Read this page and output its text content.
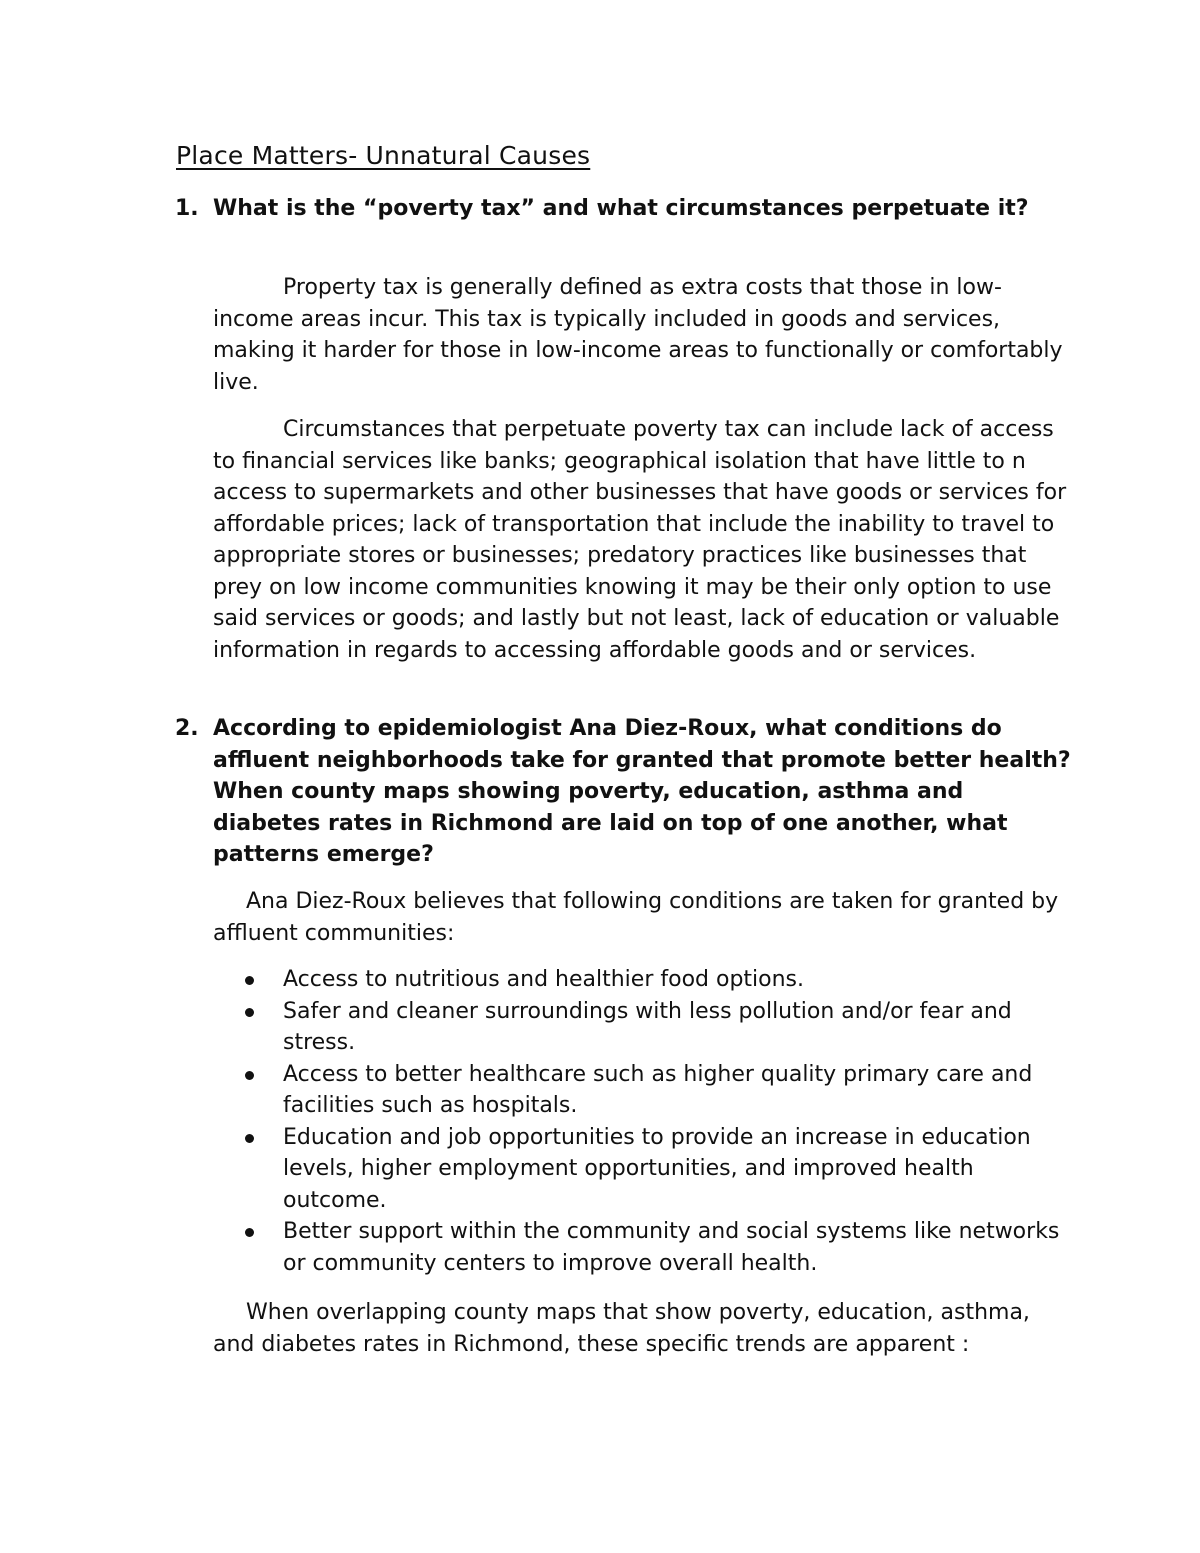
Place Matters- Unnatural Causes
1. What is the “poverty tax” and what circumstances perpetuate it?

Property tax is generally defined as extra costs that those in low-income areas incur. This tax is typically included in goods and services, making it harder for those in low-income areas to functionally or comfortably live.

Circumstances that perpetuate poverty tax can include lack of access to financial services like banks; geographical isolation that have little to n access to supermarkets and other businesses that have goods or services for affordable prices; lack of transportation that include the inability to travel to appropriate stores or businesses; predatory practices like businesses that prey on low income communities knowing it may be their only option to use said services or goods; and lastly but not least, lack of education or valuable information in regards to accessing affordable goods and or services.

2. According to epidemiologist Ana Diez-Roux, what conditions do affluent neighborhoods take for granted that promote better health? When county maps showing poverty, education, asthma and diabetes rates in Richmond are laid on top of one another, what patterns emerge?

Ana Diez-Roux believes that following conditions are taken for granted by affluent communities:

Access to nutritious and healthier food options.
Safer and cleaner surroundings with less pollution and/or fear and stress.
Access to better healthcare such as higher quality primary care and facilities such as hospitals.
Education and job opportunities to provide an increase in education levels, higher employment opportunities, and improved health outcome.
Better support within the community and social systems like networks or community centers to improve overall health.

When overlapping county maps that show poverty, education, asthma, and diabetes rates in Richmond, these specific trends are apparent :
